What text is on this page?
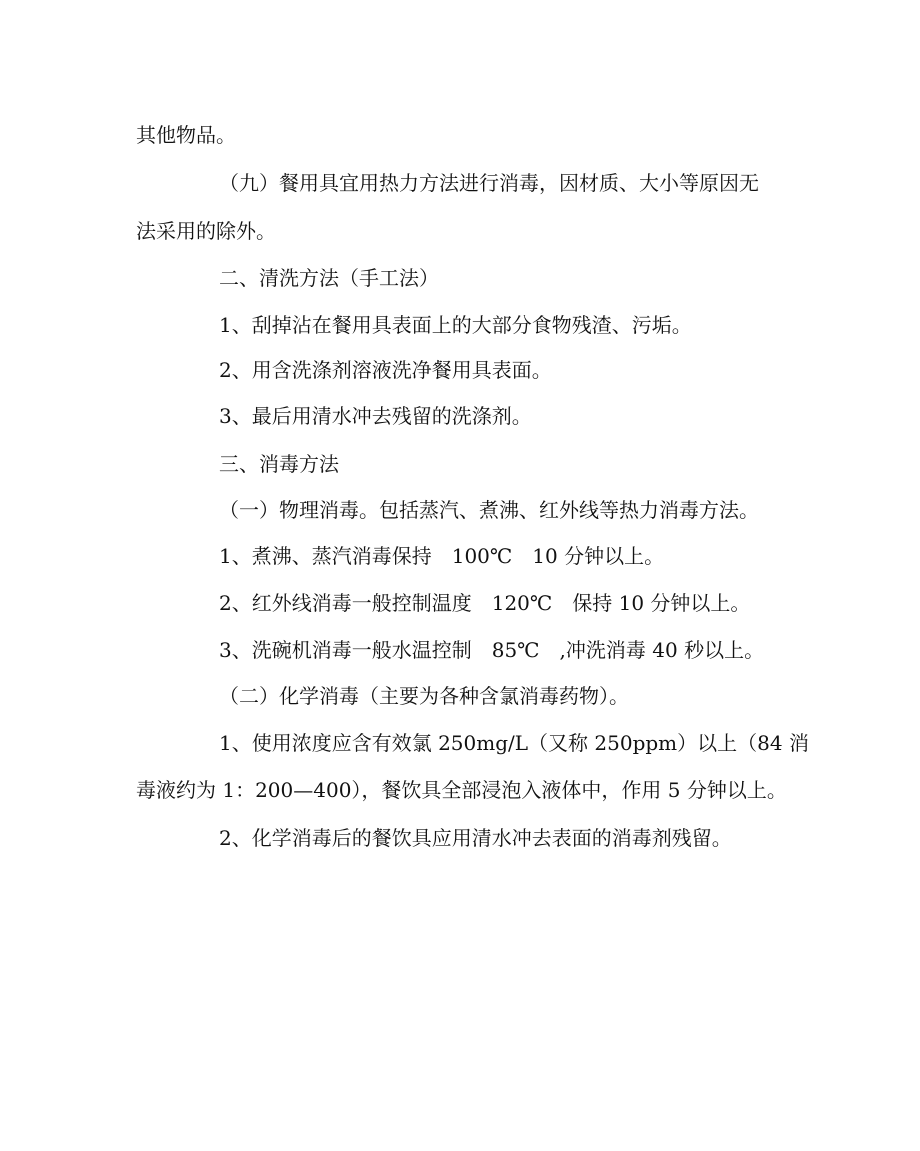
其他物品。

（九）餐用具宜用热力方法进行消毒，因材质、大小等原因无

法采用的除外。

二、清洗方法（手工法）

1、刮掉沾在餐用具表面上的大部分食物残渣、污垢。

2、用含洗涤剂溶液洗净餐用具表面。

3、最后用清水冲去残留的洗涤剂。

三、消毒方法

（一）物理消毒。包括蒸汽、煮沸、红外线等热力消毒方法。

1、煮沸、蒸汽消毒保持　100℃　10 分钟以上。

2、红外线消毒一般控制温度　120℃　保持 10 分钟以上。

3、洗碗机消毒一般水温控制　85℃　,冲洗消毒 40 秒以上。

（二）化学消毒（主要为各种含氯消毒药物）。

1、使用浓度应含有效氯 250mg/L（又称 250ppm）以上（84 消

毒液约为 1：200—400），餐饮具全部浸泡入液体中，作用 5 分钟以上。

2、化学消毒后的餐饮具应用清水冲去表面的消毒剂残留。
